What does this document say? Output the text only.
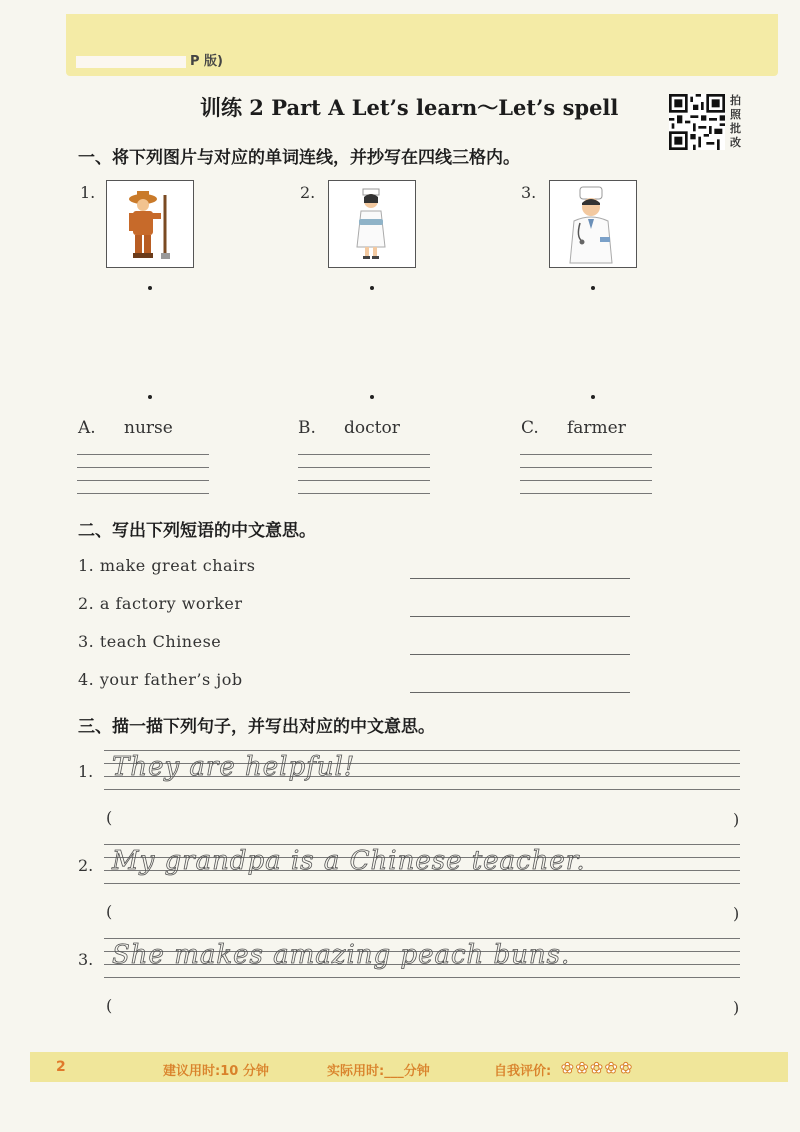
P 版)
训练 2 Part A Let’s learn～Let’s spell	拍
照
批
改
一、将下列图片与对应的单词连线，并抄写在四线三格内。
1.	2.	3.
A. nurse	B. doctor	C. farmer
二、写出下列短语的中文意思。
1. make great chairs
2. a factory worker
3. teach Chinese
4. your father’s job
三、描一描下列句子，并写出对应的中文意思。
1. They are helpful!
(	)
2. My grandpa is a Chinese teacher.
(	)
3. She makes amazing peach buns.
(	)
2	建议用时:10 分钟	实际用时:___分钟	自我评价: ✿ ✿ ✿ ✿ ✿
